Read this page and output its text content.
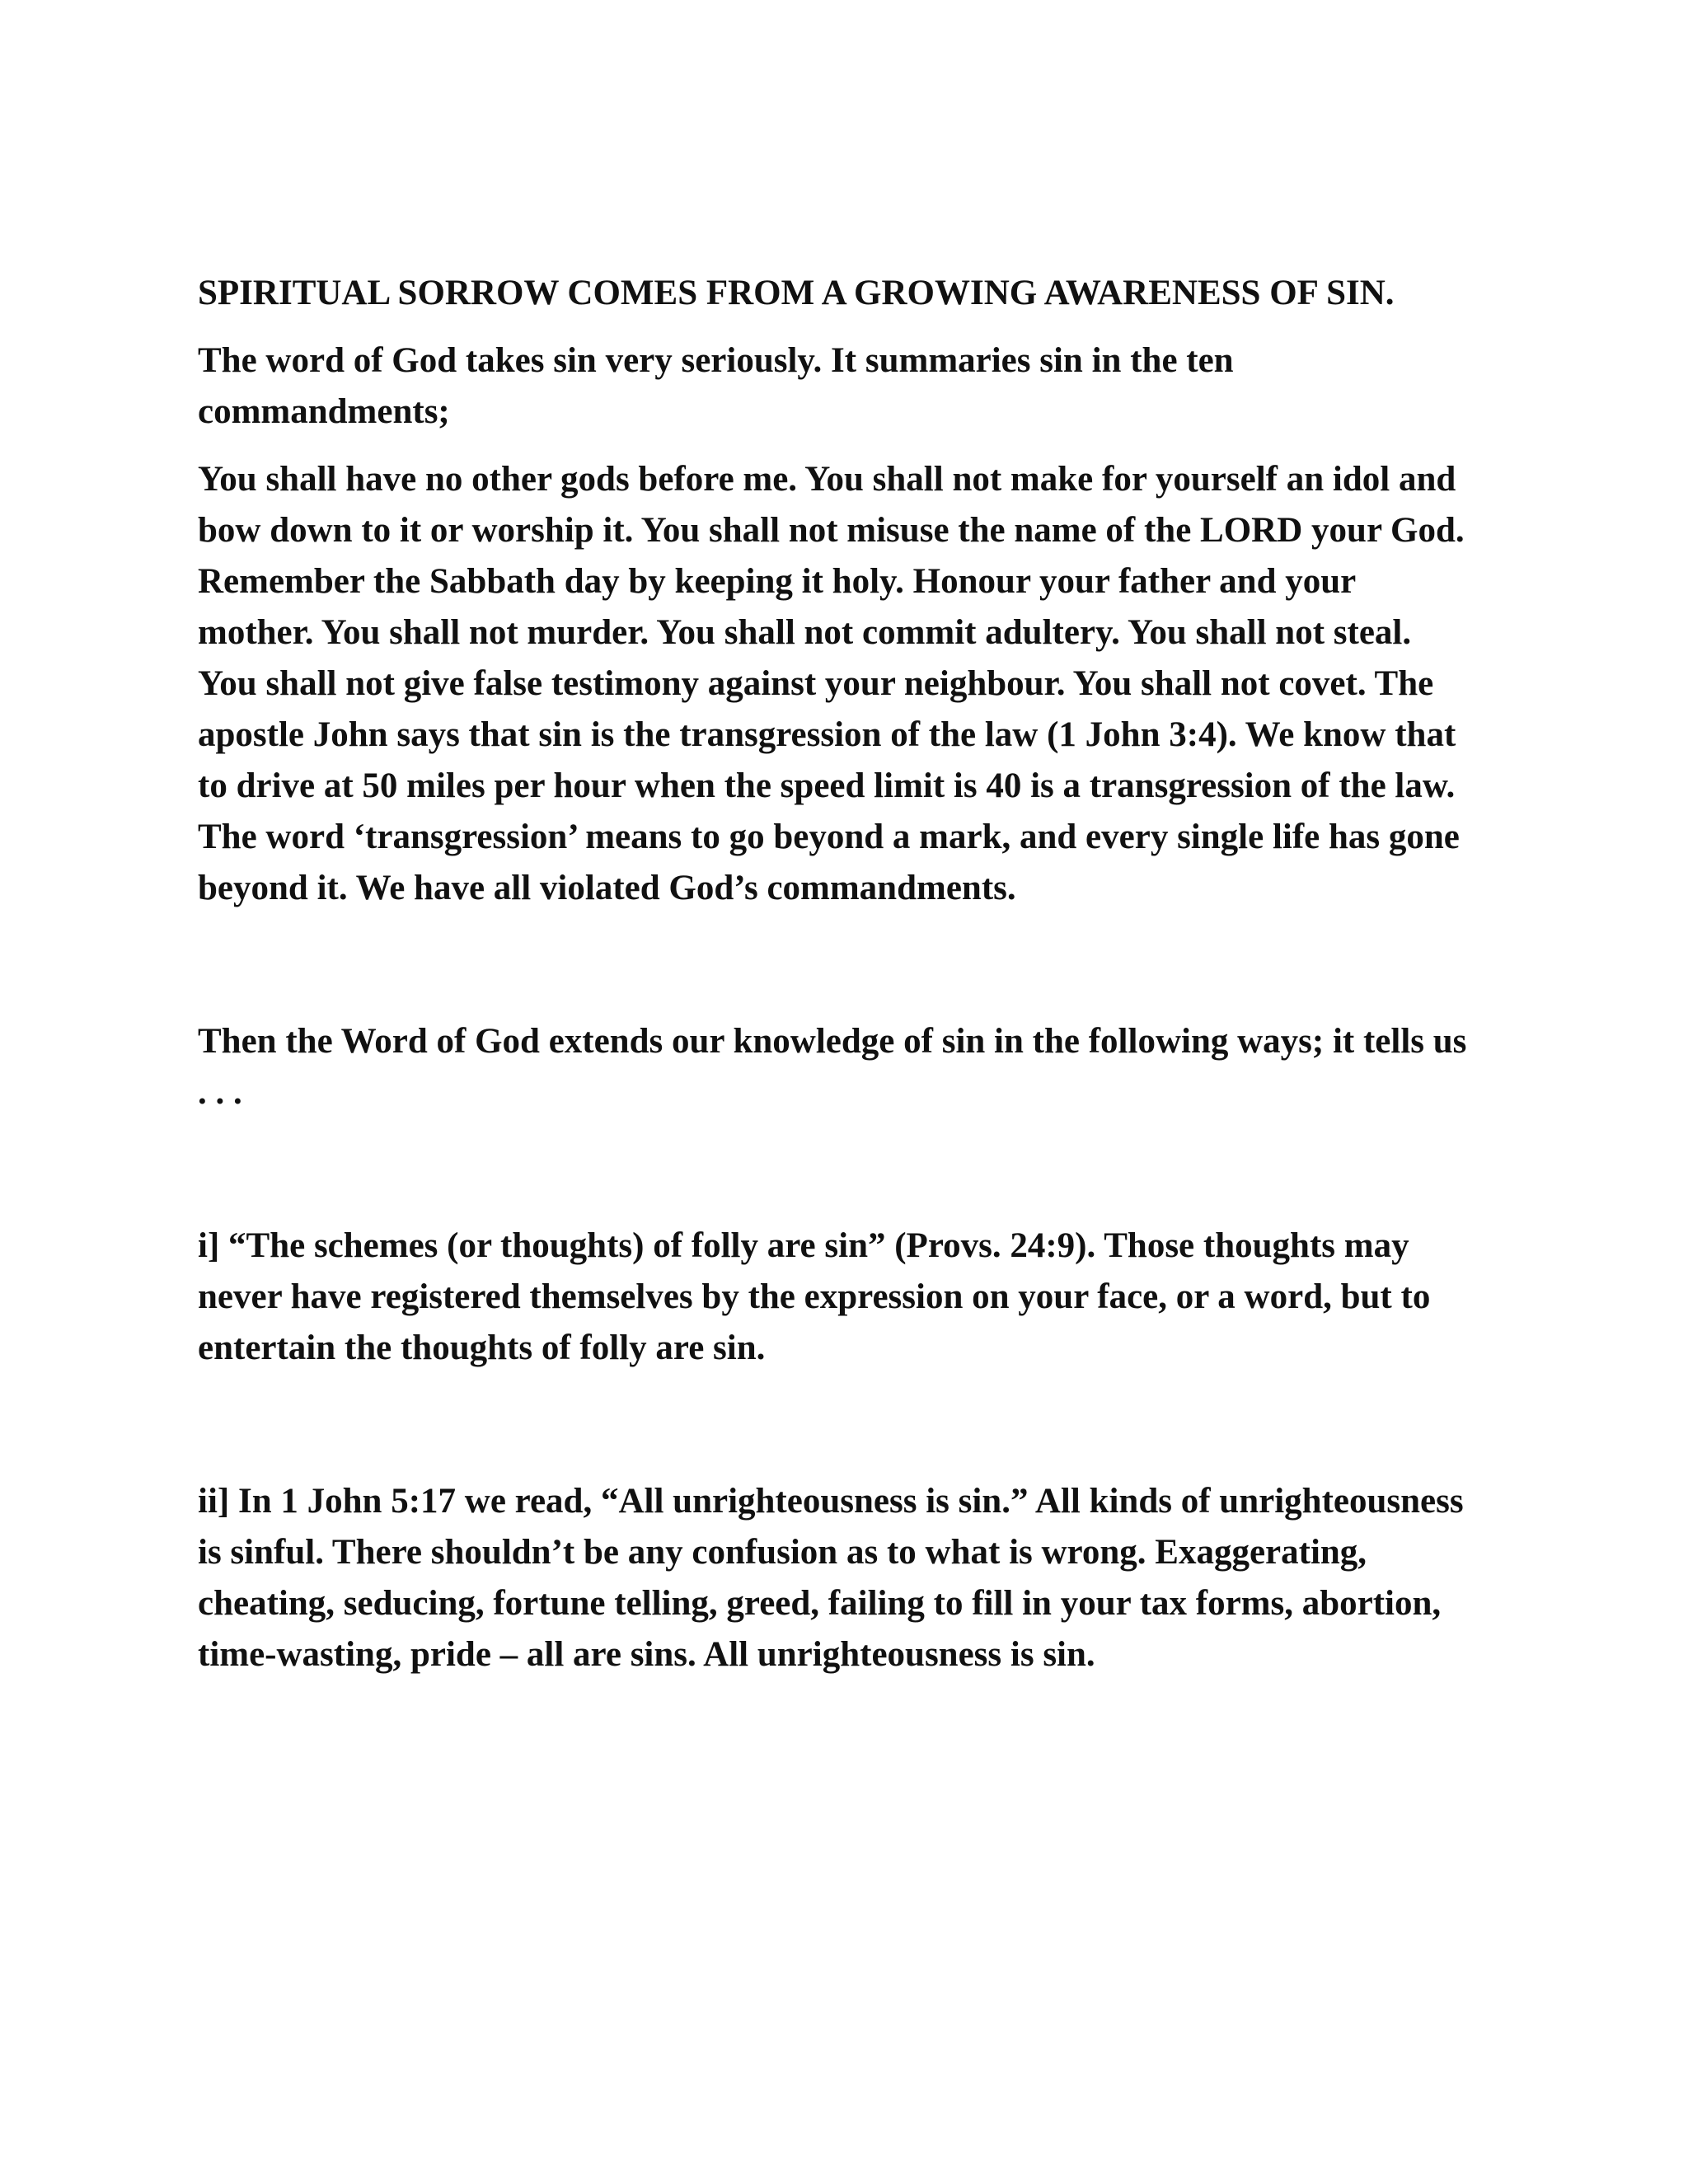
SPIRITUAL SORROW COMES FROM A GROWING AWARENESS OF SIN.

The word of God takes sin very seriously. It summaries sin in the ten commandments;

You shall have no other gods before me. You shall not make for yourself an idol and bow down to it or worship it. You shall not misuse the name of the LORD your God. Remember the Sabbath day by keeping it holy. Honour your father and your mother. You shall not murder. You shall not commit adultery. You shall not steal. You shall not give false testimony against your neighbour. You shall not covet. The apostle John says that sin is the transgression of the law (1 John 3:4). We know that to drive at 50 miles per hour when the speed limit is 40 is a transgression of the law. The word ‘transgression’ means to go beyond a mark, and every single life has gone beyond it. We have all violated God’s commandments.

Then the Word of God extends our knowledge of sin in the following ways; it tells us . . .

i] “The schemes (or thoughts) of folly are sin” (Provs. 24:9). Those thoughts may never have registered themselves by the expression on your face, or a word, but to entertain the thoughts of folly are sin.

ii] In 1 John 5:17 we read, “All unrighteousness is sin.” All kinds of unrighteousness is sinful. There shouldn’t be any confusion as to what is wrong. Exaggerating, cheating, seducing, fortune telling, greed, failing to fill in your tax forms, abortion, time-wasting, pride – all are sins. All unrighteousness is sin.
